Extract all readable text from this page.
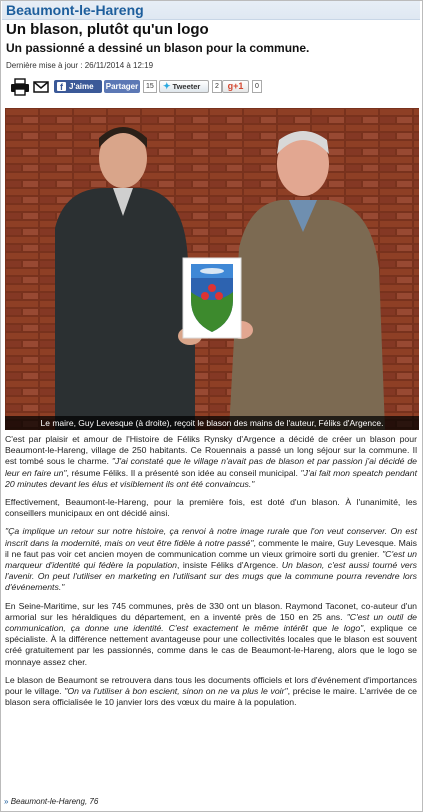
Beaumont-le-Hareng
Un blason, plutôt qu'un logo
Un passionné a dessiné un blason pour la commune.
Dernière mise à jour : 26/11/2014 à 12:19
f J'aime Partager	15	✦ Tweeter	2 g+1	0
Le maire, Guy Levesque (à droite), reçoit le blason des mains de l'auteur, Féliks d'Argence.

C'est par plaisir et amour de l'Histoire de Féliks Rynsky d'Argence a décidé de créer un blason pour Beaumont-le-Hareng, village de 250 habitants. Ce Rouennais a passé un long séjour sur la commune. Il est tombé sous le charme. "J'ai constaté que le village n'avait pas de blason et par passion j'ai décidé de leur en faire un", résume Féliks. Il a présenté son idée au conseil municipal. "J'ai fait mon speatch pendant 20 minutes devant les élus et visiblement ils ont été convaincus."

Effectivement, Beaumont-le-Hareng, pour la première fois, est doté d'un blason. À l'unanimité, les conseillers municipaux en ont décidé ainsi.

"Ça implique un retour sur notre histoire, ça renvoi à notre image rurale que l'on veut conserver. On est inscrit dans la modernité, mais on veut être fidèle à notre passé", commente le maire, Guy Levesque. Mais il ne faut pas voir cet ancien moyen de communication comme un vieux grimoire sorti du grenier. "C'est un marqueur d'identité qui fédère la population, insiste Féliks d'Argence. Un blason, c'est aussi tourné vers l'avenir. On peut l'utiliser en marketing en l'utilisant sur des mugs que la commune pourra revendre lors d'événements."

En Seine-Maritime, sur les 745 communes, près de 330 ont un blason. Raymond Taconet, co-auteur d'un armorial sur les héraldiques du département, en a inventé près de 150 en 25 ans. "C'est un outil de communication, ça donne une identité. C'est exactement le même intérêt que le logo", explique ce spécialiste. À la différence nettement avantageuse pour une collectivités locales que le blason est souvent créé gratuitement par les passionnés, comme dans le cas de Beaumont-le-Hareng, alors que le logo se monnaye assez cher.

Le blason de Beaumont se retrouvera dans tous les documents officiels et lors d'événement d'importances pour le village. "On va l'utiliser à bon escient, sinon on ne va plus le voir", précise le maire. L'arrivée de ce blason sera officialisée le 10 janvier lors des vœux du maire à la population.

» Beaumont-le-Hareng, 76
